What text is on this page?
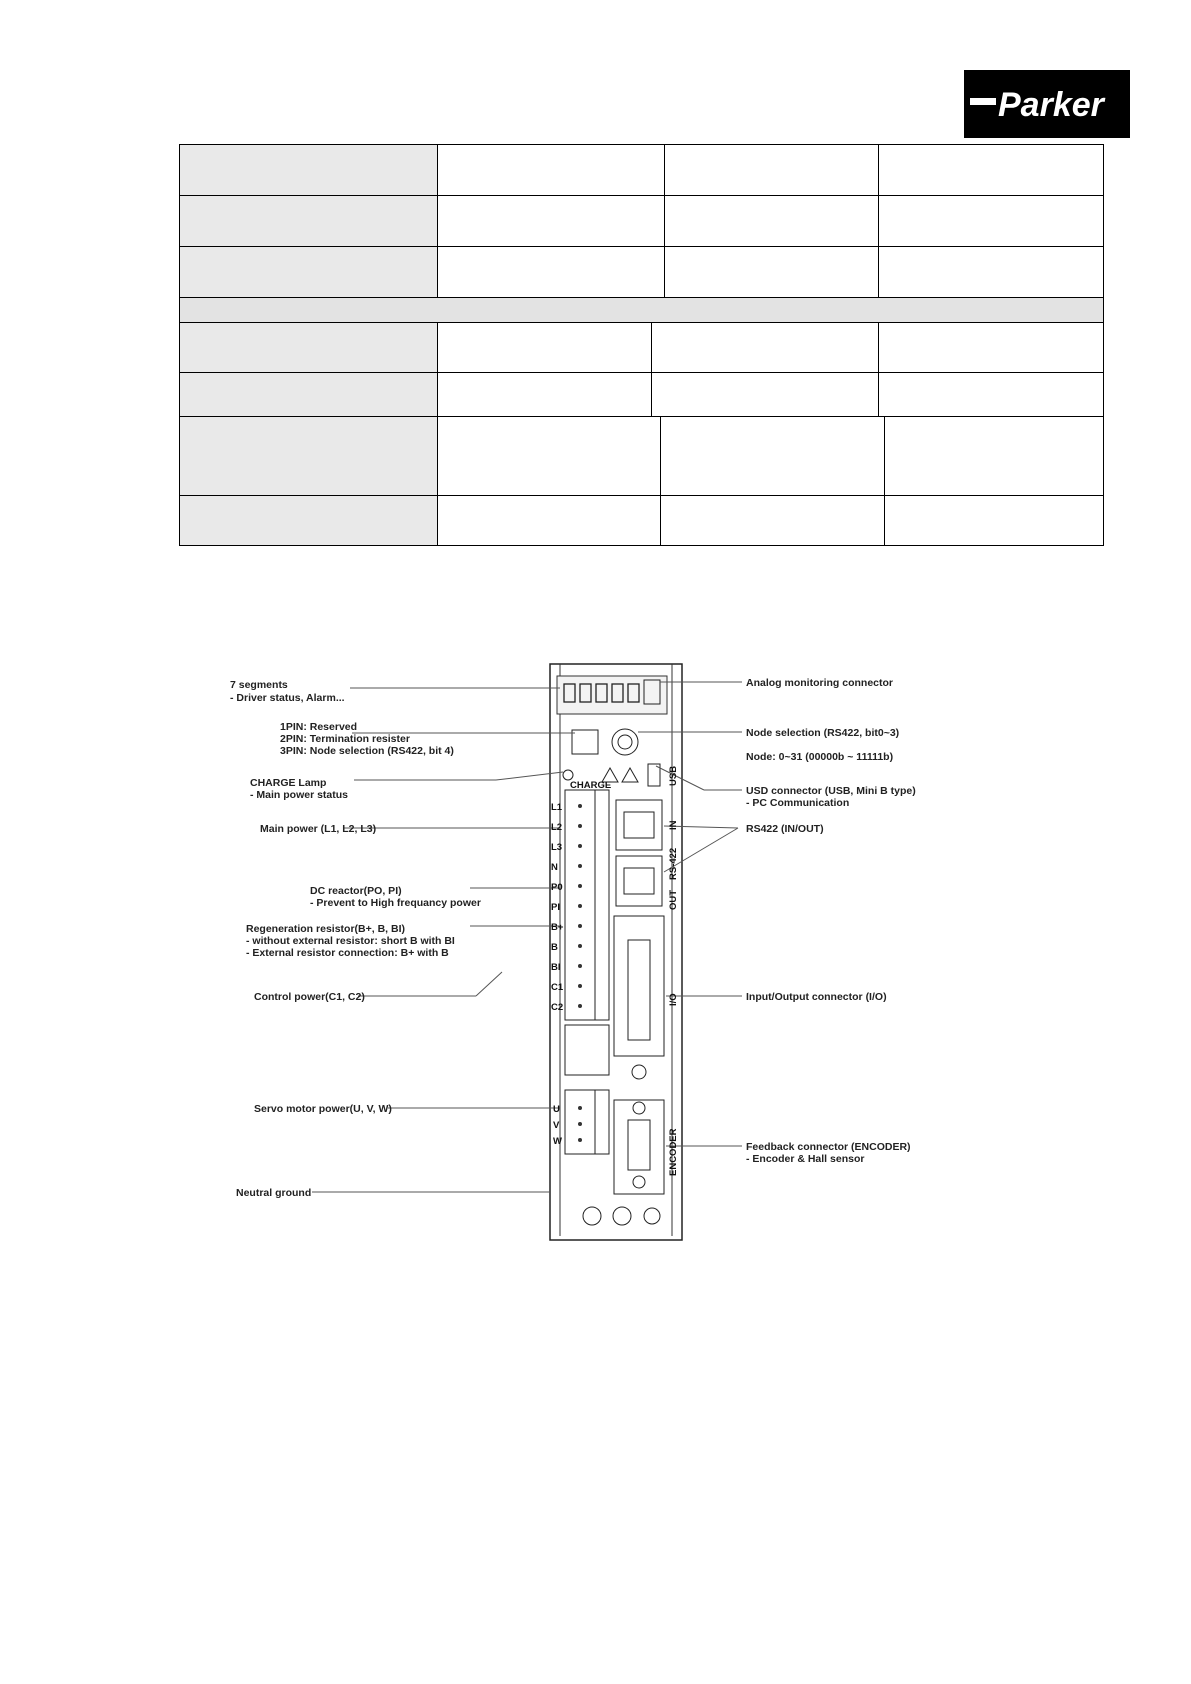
Parker
7 segments
- Driver status, Alarm...
1PIN: Reserved
2PIN: Termination resister
3PIN: Node selection (RS422, bit 4)
CHARGE Lamp
- Main power status
Main power (L1, L2, L3)
DC reactor(PO, PI)
- Prevent to High frequancy power
Regeneration resistor(B+, B, BI)
- without external resistor: short B with BI
- External resistor connection: B+ with B
Control power(C1, C2)
Servo motor power(U, V, W)
Neutral ground
Analog monitoring connector
Node selection (RS422, bit0~3)
Node: 0~31 (00000b ~ 11111b)
USD connector (USB, Mini B type)
- PC Communication
RS422 (IN/OUT)
Input/Output connector (I/O)
Feedback connector (ENCODER)
- Encoder & Hall sensor
L1
L2
L3
N
P0
PI
B+
B
BI
C1
C2
U
V
W
CHARGE	USB
IN
RS-422
OUT
I/O
ENCODER
